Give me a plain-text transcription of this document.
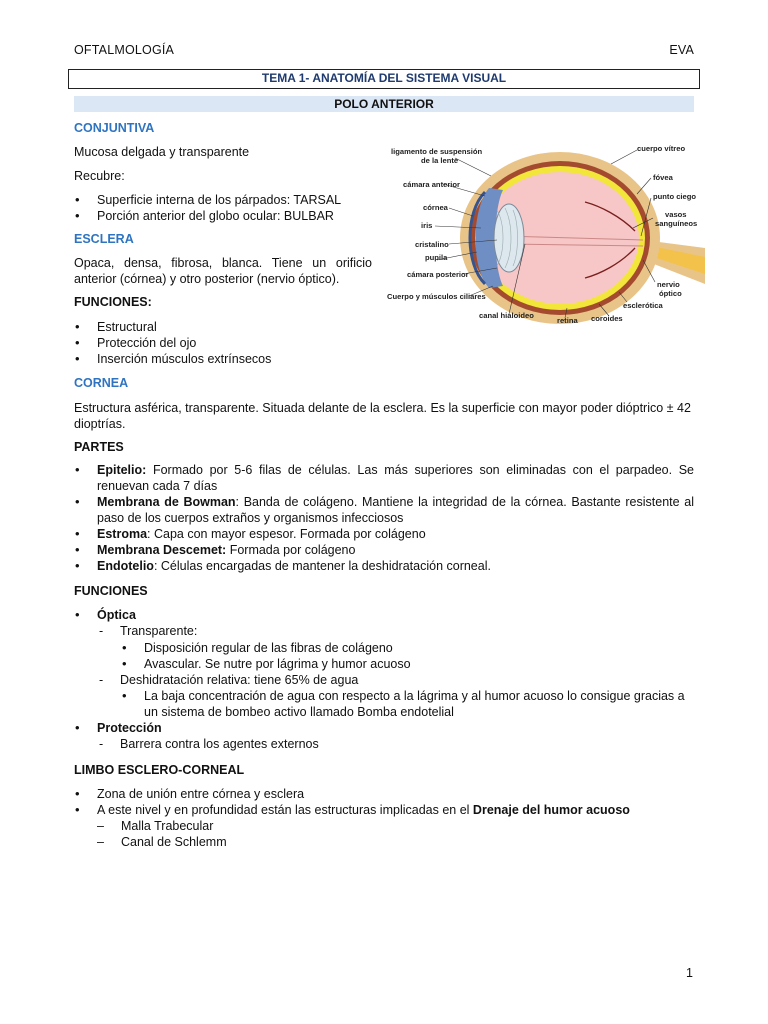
OFTALMOLOGÍA	EVA
TEMA 1- ANATOMÍA DEL SISTEMA VISUAL
POLO ANTERIOR
CONJUNTIVA
Mucosa delgada y transparente
Recubre:
• Superficie interna de los párpados: TARSAL
• Porción anterior del globo ocular: BULBAR
ESCLERA
Opaca, densa, fibrosa, blanca. Tiene un orificio anterior (córnea) y otro posterior (nervio óptico).
FUNCIONES:
• Estructural
• Protección del ojo
• Inserción músculos extrínsecos
ligamento de suspensión
de la lente
cámara anterior
córnea
iris
cristalino
pupila
cámara posterior
Cuerpo y músculos ciliares
canal hialoideo
retina coroides
esclerótica
nervio
óptico
cuerpo vítreo
fóvea
punto ciego
vasos
sanguíneos
CORNEA
Estructura asférica, transparente. Situada delante de la esclera. Es la superficie con mayor poder dióptrico ± 42 dioptrías.
PARTES
• Epitelio: Formado por 5-6 filas de células. Las más superiores son eliminadas con el parpadeo. Se renuevan cada 7 días
• Membrana de Bowman: Banda de colágeno. Mantiene la integridad de la córnea. Bastante resistente al paso de los cuerpos extraños y organismos infecciosos
• Estroma: Capa con mayor espesor. Formada por colágeno
• Membrana Descemet: Formada por colágeno
• Endotelio: Células encargadas de mantener la deshidratación corneal.
FUNCIONES
• Óptica
- Transparente:
• Disposición regular de las fibras de colágeno
• Avascular. Se nutre por lágrima y humor acuoso
- Deshidratación relativa: tiene 65% de agua
• La baja concentración de agua con respecto a la lágrima y al humor acuoso lo consigue gracias a un sistema de bombeo activo llamado Bomba endotelial
• Protección
- Barrera contra los agentes externos
LIMBO ESCLERO-CORNEAL
• Zona de unión entre córnea y esclera
• A este nivel y en profundidad están las estructuras implicadas en el Drenaje del humor acuoso
– Malla Trabecular
– Canal de Schlemm
1
